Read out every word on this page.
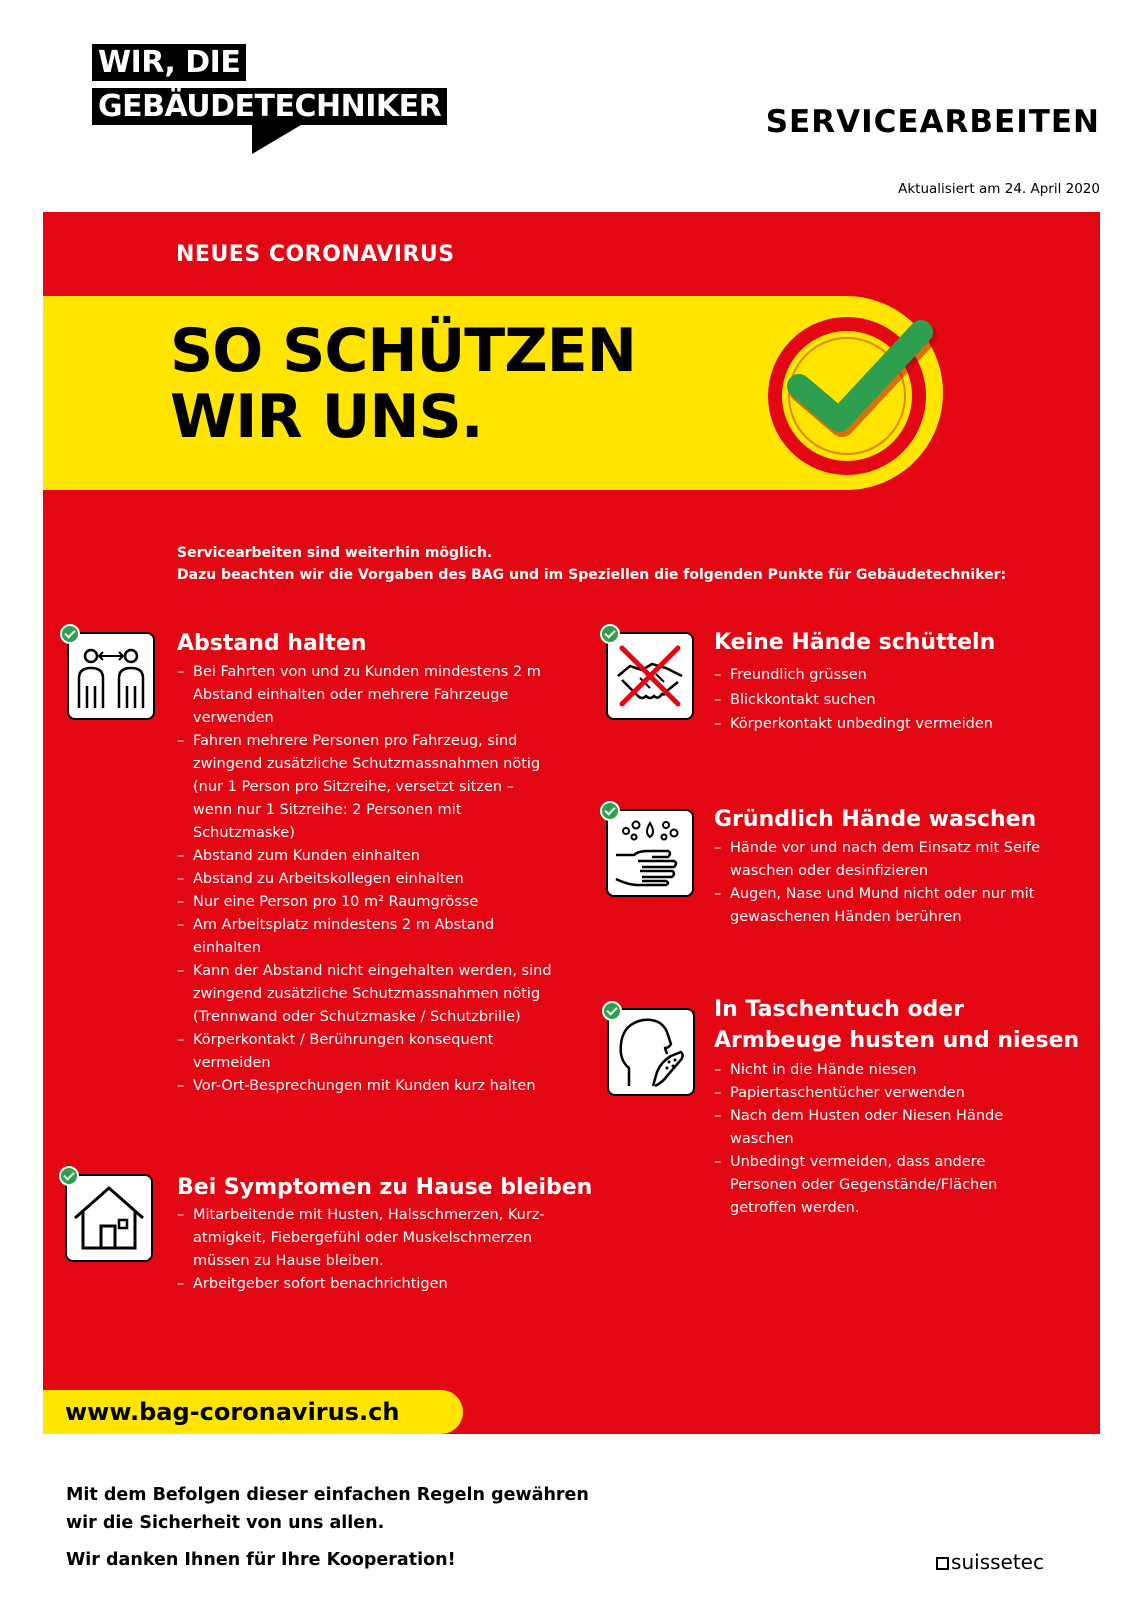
WIR, DIE
GEBÄUDETECHNIKER	SERVICEARBEITEN
Aktualisiert am 24. April 2020
NEUES CORONAVIRUS
SO SCHÜTZEN
WIR UNS.
Servicearbeiten sind weiterhin möglich.
Dazu beachten wir die Vorgaben des BAG und im Speziellen die folgenden Punkte für Gebäudetechniker:
Abstand halten
– Bei Fahrten von und zu Kunden mindestens 2 m Abstand einhalten oder mehrere Fahrzeuge verwenden
– Fahren mehrere Personen pro Fahrzeug, sind zwingend zusätzliche Schutzmassnahmen nötig (nur 1 Person pro Sitzreihe, versetzt sitzen – wenn nur 1 Sitzreihe: 2 Personen mit Schutzmaske)
– Abstand zum Kunden einhalten
– Abstand zu Arbeitskollegen einhalten
– Nur eine Person pro 10 m² Raumgrösse
– Am Arbeitsplatz mindestens 2 m Abstand einhalten
– Kann der Abstand nicht eingehalten werden, sind zwingend zusätzliche Schutzmassnahmen nötig (Trennwand oder Schutzmaske / Schutzbrille)
– Körperkontakt / Berührungen konsequent vermeiden
– Vor-Ort-Besprechungen mit Kunden kurz halten
Bei Symptomen zu Hause bleiben
– Mitarbeitende mit Husten, Halsschmerzen, Kurzatmigkeit, Fiebergefühl oder Muskelschmerzen müssen zu Hause bleiben.
– Arbeitgeber sofort benachrichtigen
Keine Hände schütteln
– Freundlich grüssen
– Blickkontakt suchen
– Körperkontakt unbedingt vermeiden
Gründlich Hände waschen
– Hände vor und nach dem Einsatz mit Seife waschen oder desinfizieren
– Augen, Nase und Mund nicht oder nur mit gewaschenen Händen berühren
In Taschentuch oder
Armbeuge husten und niesen
– Nicht in die Hände niesen
– Papiertaschentücher verwenden
– Nach dem Husten oder Niesen Hände waschen
– Unbedingt vermeiden, dass andere Personen oder Gegenstände/Flächen getroffen werden.
www.bag-coronavirus.ch
Mit dem Befolgen dieser einfachen Regeln gewähren
wir die Sicherheit von uns allen.
Wir danken Ihnen für Ihre Kooperation!	suissetec
